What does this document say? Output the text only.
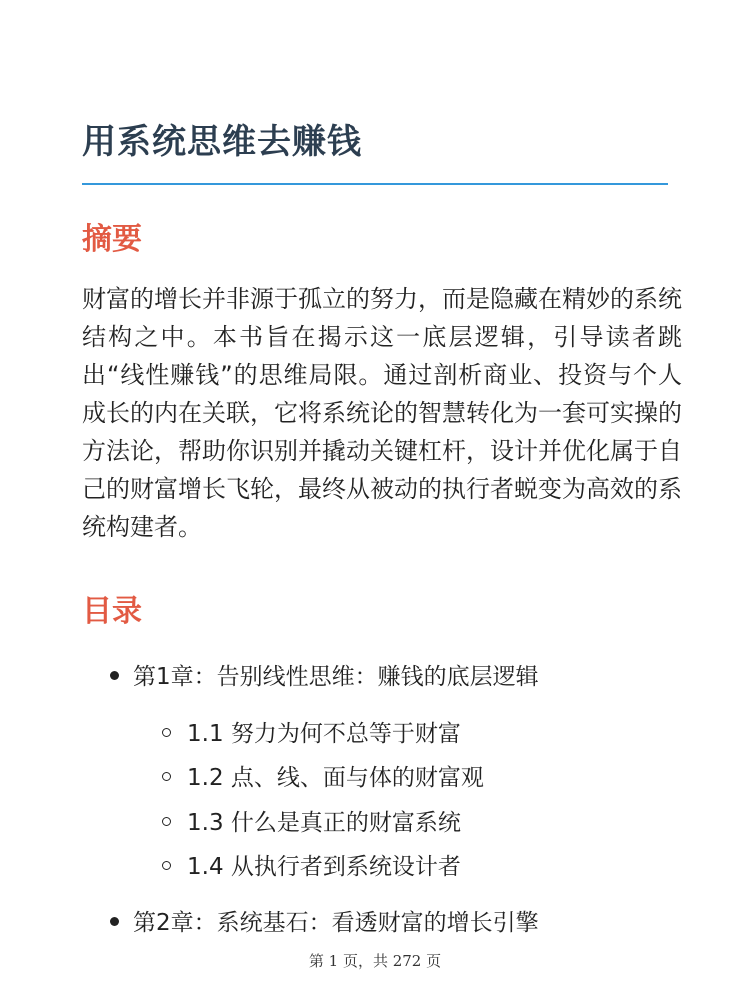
用系统思维去赚钱
摘要

财富的增长并非源于孤立的努力，而是隐藏在精妙的系统结构之中。本书旨在揭示这一底层逻辑，引导读者跳出“线性赚钱”的思维局限。通过剖析商业、投资与个人成长的内在关联，它将系统论的智慧转化为一套可实操的方法论，帮助你识别并撬动关键杠杆，设计并优化属于自己的财富增长飞轮，最终从被动的执行者蜕变为高效的系统构建者。

目录
第1章：告别线性思维：赚钱的底层逻辑
1.1 努力为何不总等于财富
1.2 点、线、面与体的财富观
1.3 什么是真正的财富系统
1.4 从执行者到系统设计者
第2章：系统基石：看透财富的增长引擎
第 1 页，共 272 页
